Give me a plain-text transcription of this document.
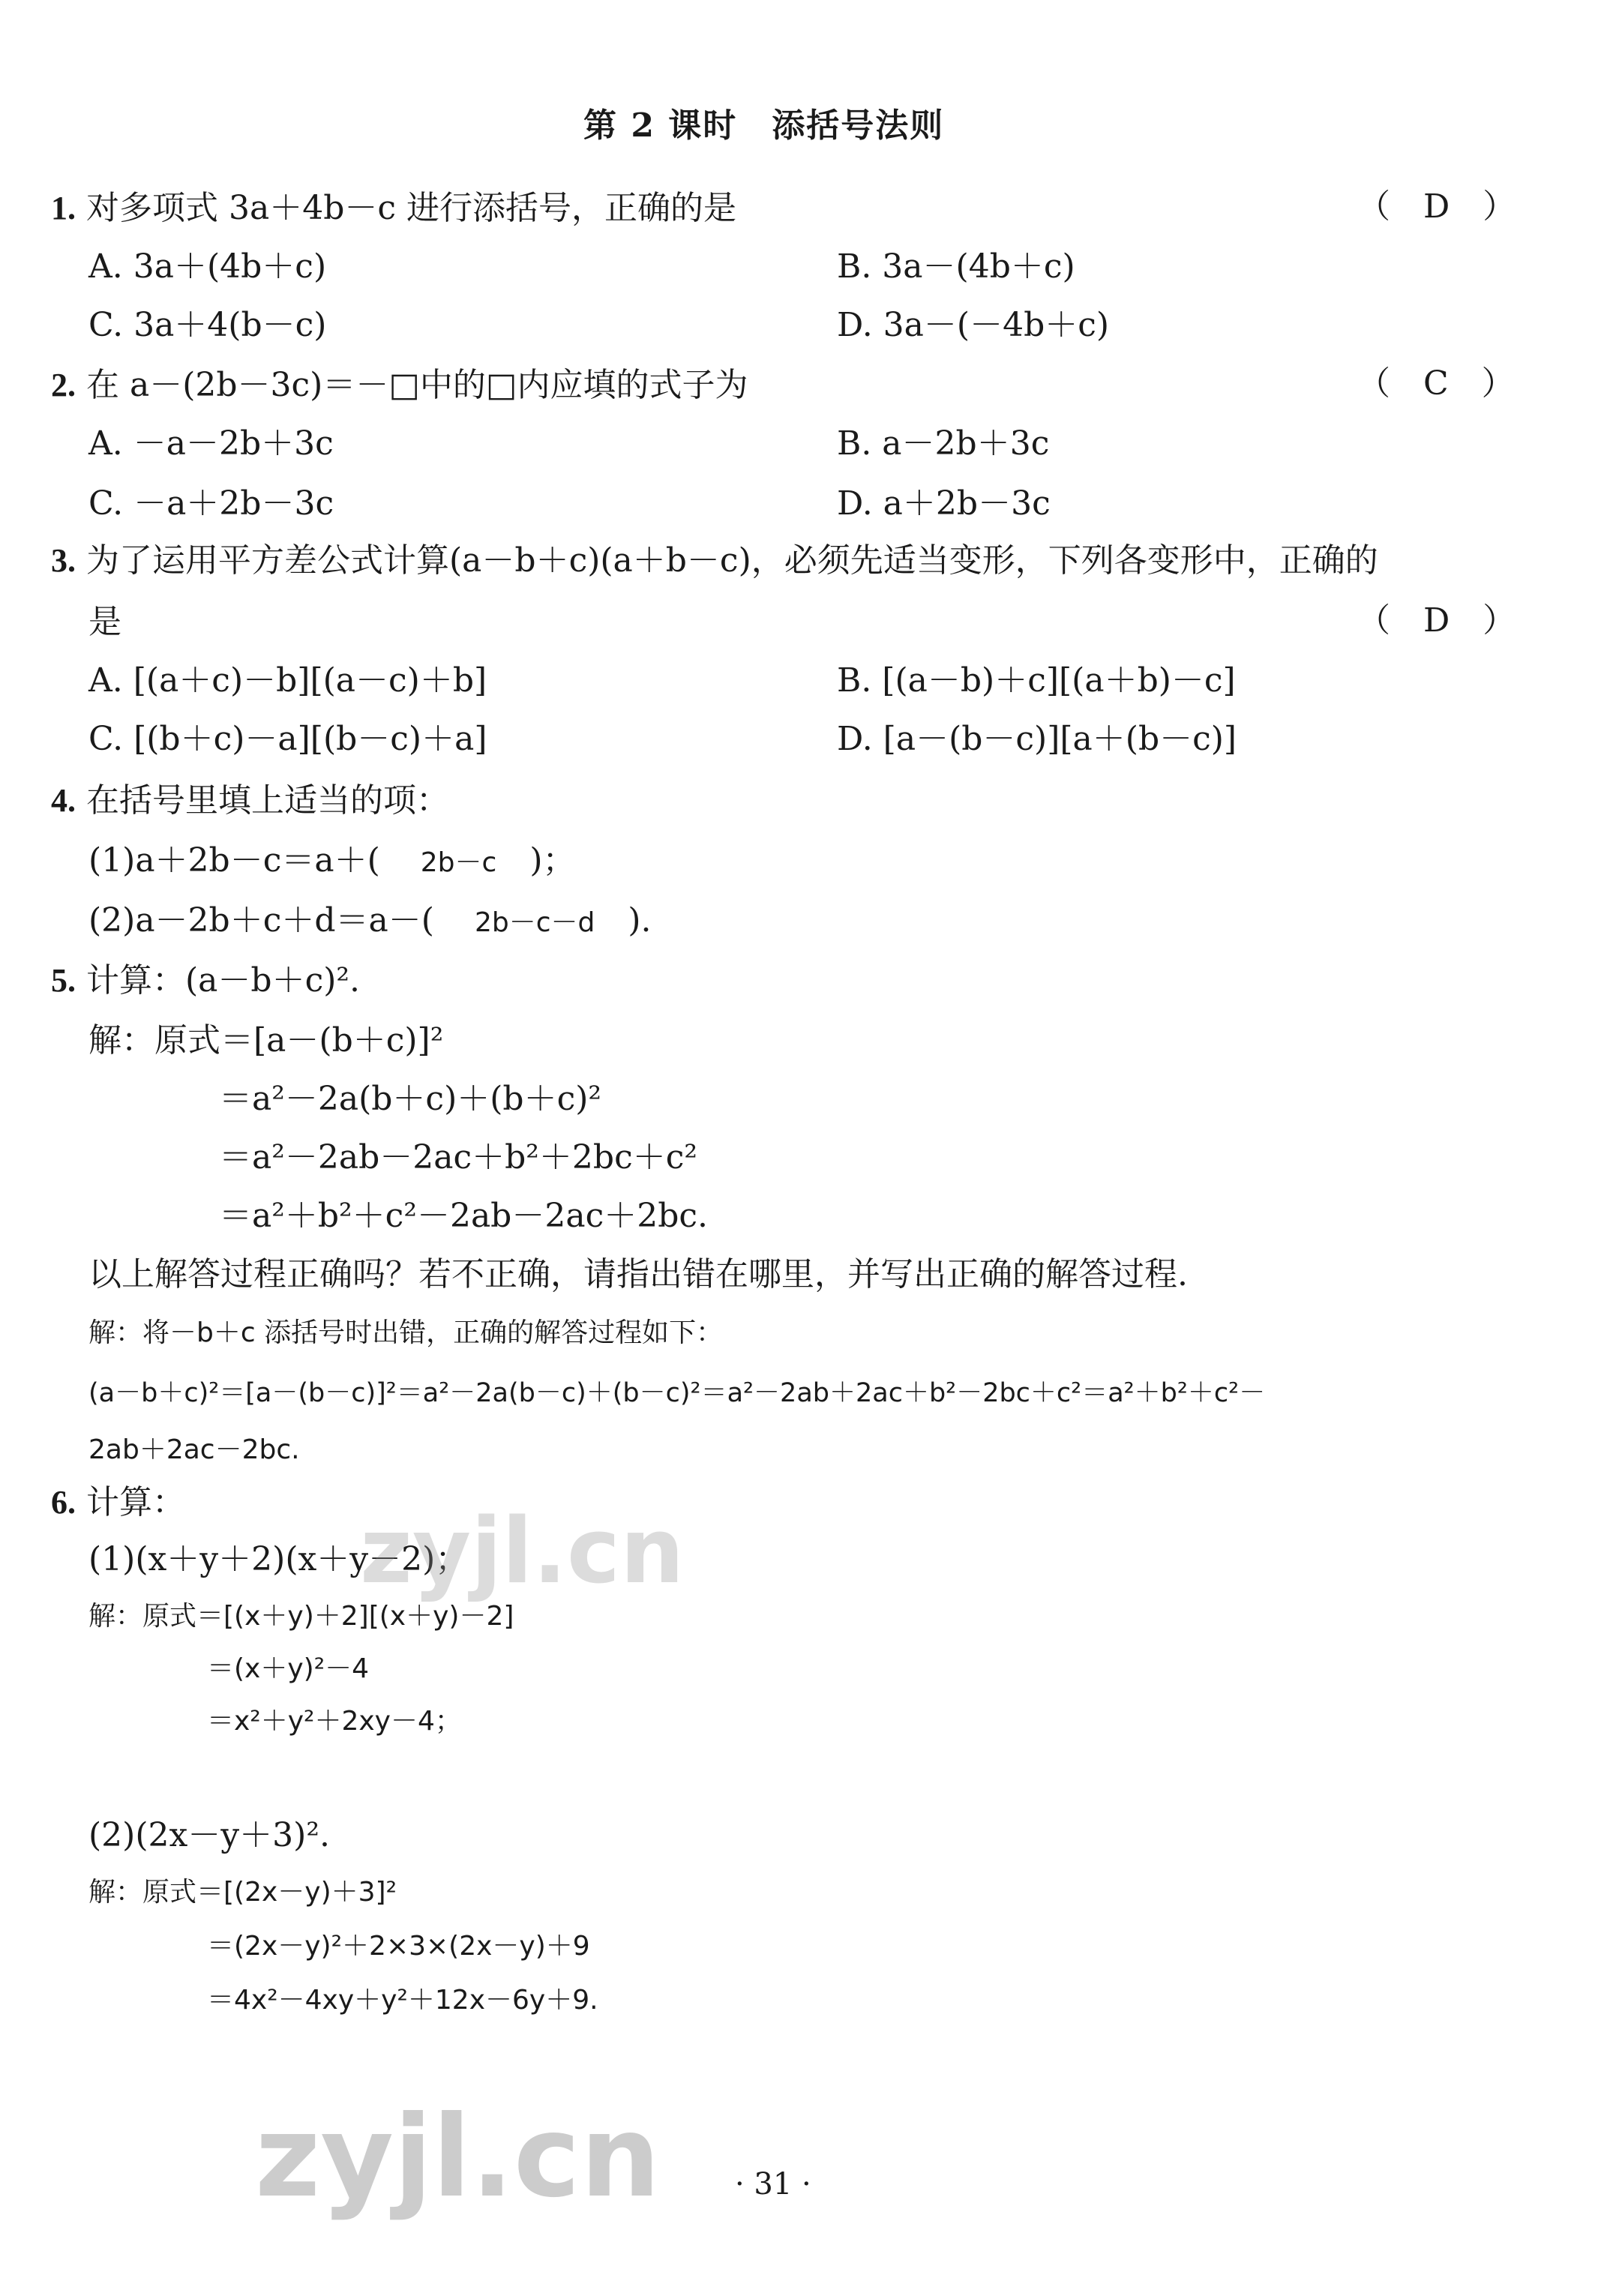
第 2 课时　添括号法则
1. 对多项式 3a＋4b－c 进行添括号，正确的是	（　D　）
A. 3a＋(4b＋c)	B. 3a－(4b＋c)
C. 3a＋4(b－c)	D. 3a－(－4b＋c)
2. 在 a－(2b－3c)＝－□中的□内应填的式子为	（　C　）
A. －a－2b＋3c	B. a－2b＋3c
C. －a＋2b－3c	D. a＋2b－3c
3. 为了运用平方差公式计算(a－b＋c)(a＋b－c)，必须先适当变形，下列各变形中，正确的
是	（　D　）
A. [(a＋c)－b][(a－c)＋b]	B. [(a－b)＋c][(a＋b)－c]
C. [(b＋c)－a][(b－c)＋a]	D. [a－(b－c)][a＋(b－c)]
4. 在括号里填上适当的项：
(1)a＋2b－c＝a＋( 2b－c )；
(2)a－2b＋c＋d＝a－( 2b－c－d ).
5. 计算：(a－b＋c)².
解：原式＝[a－(b＋c)]²
＝a²－2a(b＋c)＋(b＋c)²
＝a²－2ab－2ac＋b²＋2bc＋c²
＝a²＋b²＋c²－2ab－2ac＋2bc.
以上解答过程正确吗？若不正确，请指出错在哪里，并写出正确的解答过程.
解：将－b＋c 添括号时出错，正确的解答过程如下：
(a－b＋c)²＝[a－(b－c)]²＝a²－2a(b－c)＋(b－c)²＝a²－2ab＋2ac＋b²－2bc＋c²＝a²＋b²＋c²－
2ab＋2ac－2bc.
6. 计算：
(1)(x＋y＋2)(x＋y－2)；
解：原式＝[(x＋y)＋2][(x＋y)－2]
＝(x＋y)²－4
＝x²＋y²＋2xy－4；
(2)(2x－y＋3)².
解：原式＝[(2x－y)＋3]²
＝(2x－y)²＋2×3×(2x－y)＋9
＝4x²－4xy＋y²＋12x－6y＋9.
zyjl.cn
zyjl.cn · 31 ·
